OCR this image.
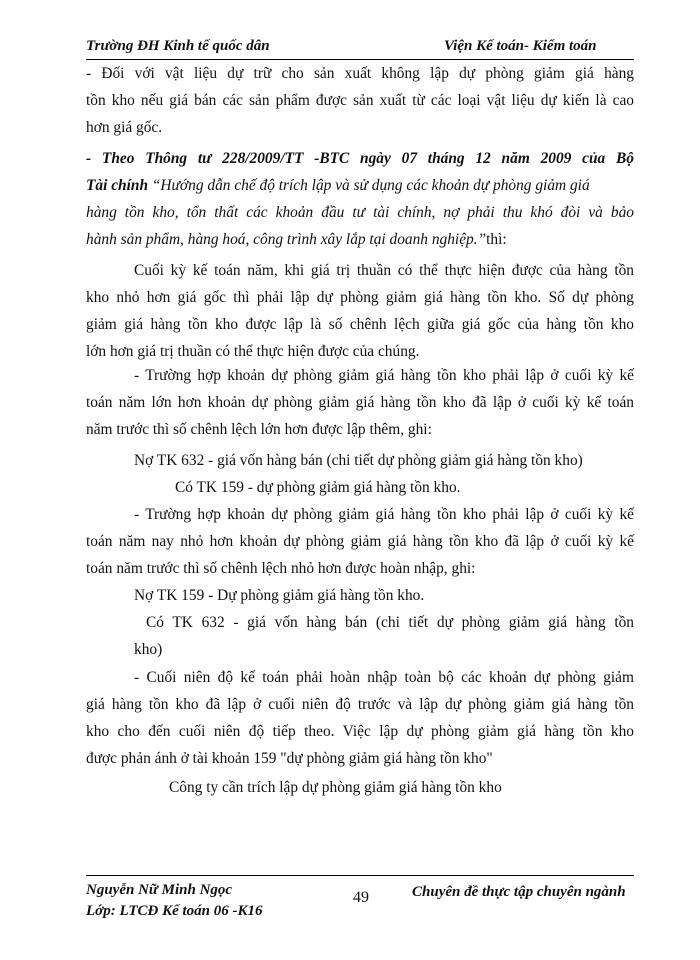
Trường ĐH Kinh tế quốc dân	Viện Kế toán- Kiểm toán
- Đối với vật liệu dự trữ cho sản xuất không lập dự phòng giảm giá hàng
tồn kho nếu giá bán các sản phẩm được sản xuất từ các loại vật liệu dự kiến là cao
hơn giá gốc.
- Theo Thông tư 228/2009/TT -BTC ngày 07 tháng 12 năm 2009 của Bộ
Tài chính “Hướng dẫn chế độ trích lập và sử dụng các khoản dự phòng giảm giá
hàng tồn kho, tổn thất các khoản đầu tư tài chính, nợ phải thu khó đòi và bảo
hành sản phẩm, hàng hoá, công trình xây lắp tại doanh nghiệp.”thì:
Cuối kỳ kế toán năm, khi giá trị thuần có thể thực hiện được của hàng tồn
kho nhỏ hơn giá gốc thì phải lập dự phòng giảm giá hàng tồn kho. Số dự phòng
giảm giá hàng tồn kho được lập là số chênh lệch giữa giá gốc của hàng tồn kho
lớn hơn giá trị thuần có thể thực hiện được của chúng.
- Trường hợp khoản dự phòng giảm giá hàng tồn kho phải lập ở cuối kỳ kế
toán năm lớn hơn khoản dự phòng giảm giá hàng tồn kho đã lập ở cuối kỳ kế toán
năm trước thì số chênh lệch lớn hơn được lập thêm, ghi:
Nợ TK 632 - giá vốn hàng bán (chi tiết dự phòng giảm giá hàng tồn kho)
Có TK 159 - dự phòng giảm giá hàng tồn kho.
- Trường hợp khoản dự phòng giảm giá hàng tồn kho phải lập ở cuối kỳ kế
toán năm nay nhỏ hơn khoản dự phòng giảm giá hàng tồn kho đã lập ở cuối kỳ kế
toán năm trước thì số chênh lệch nhỏ hơn được hoàn nhập, ghi:
Nợ TK 159 - Dự phòng giảm giá hàng tồn kho.
Có TK 632 - giá vốn hàng bán (chi tiết dự phòng giảm giá hàng tồn
kho)
- Cuối niên độ kế toán phải hoàn nhập toàn bộ các khoản dự phòng giảm
giá hàng tồn kho đã lập ở cuối niên độ trước và lập dự phòng giảm giá hàng tồn
kho cho đến cuối niên độ tiếp theo. Việc lập dự phòng giảm giá hàng tồn kho
được phản ánh ở tài khoản 159 "dự phòng giảm giá hàng tồn kho"
Công ty cần trích lập dự phòng giảm giá hàng tồn kho
Nguyễn Nữ Minh Ngọc
Lớp: LTCĐ Kế toán 06 -K16
49	Chuyên đề thực tập chuyên ngành
